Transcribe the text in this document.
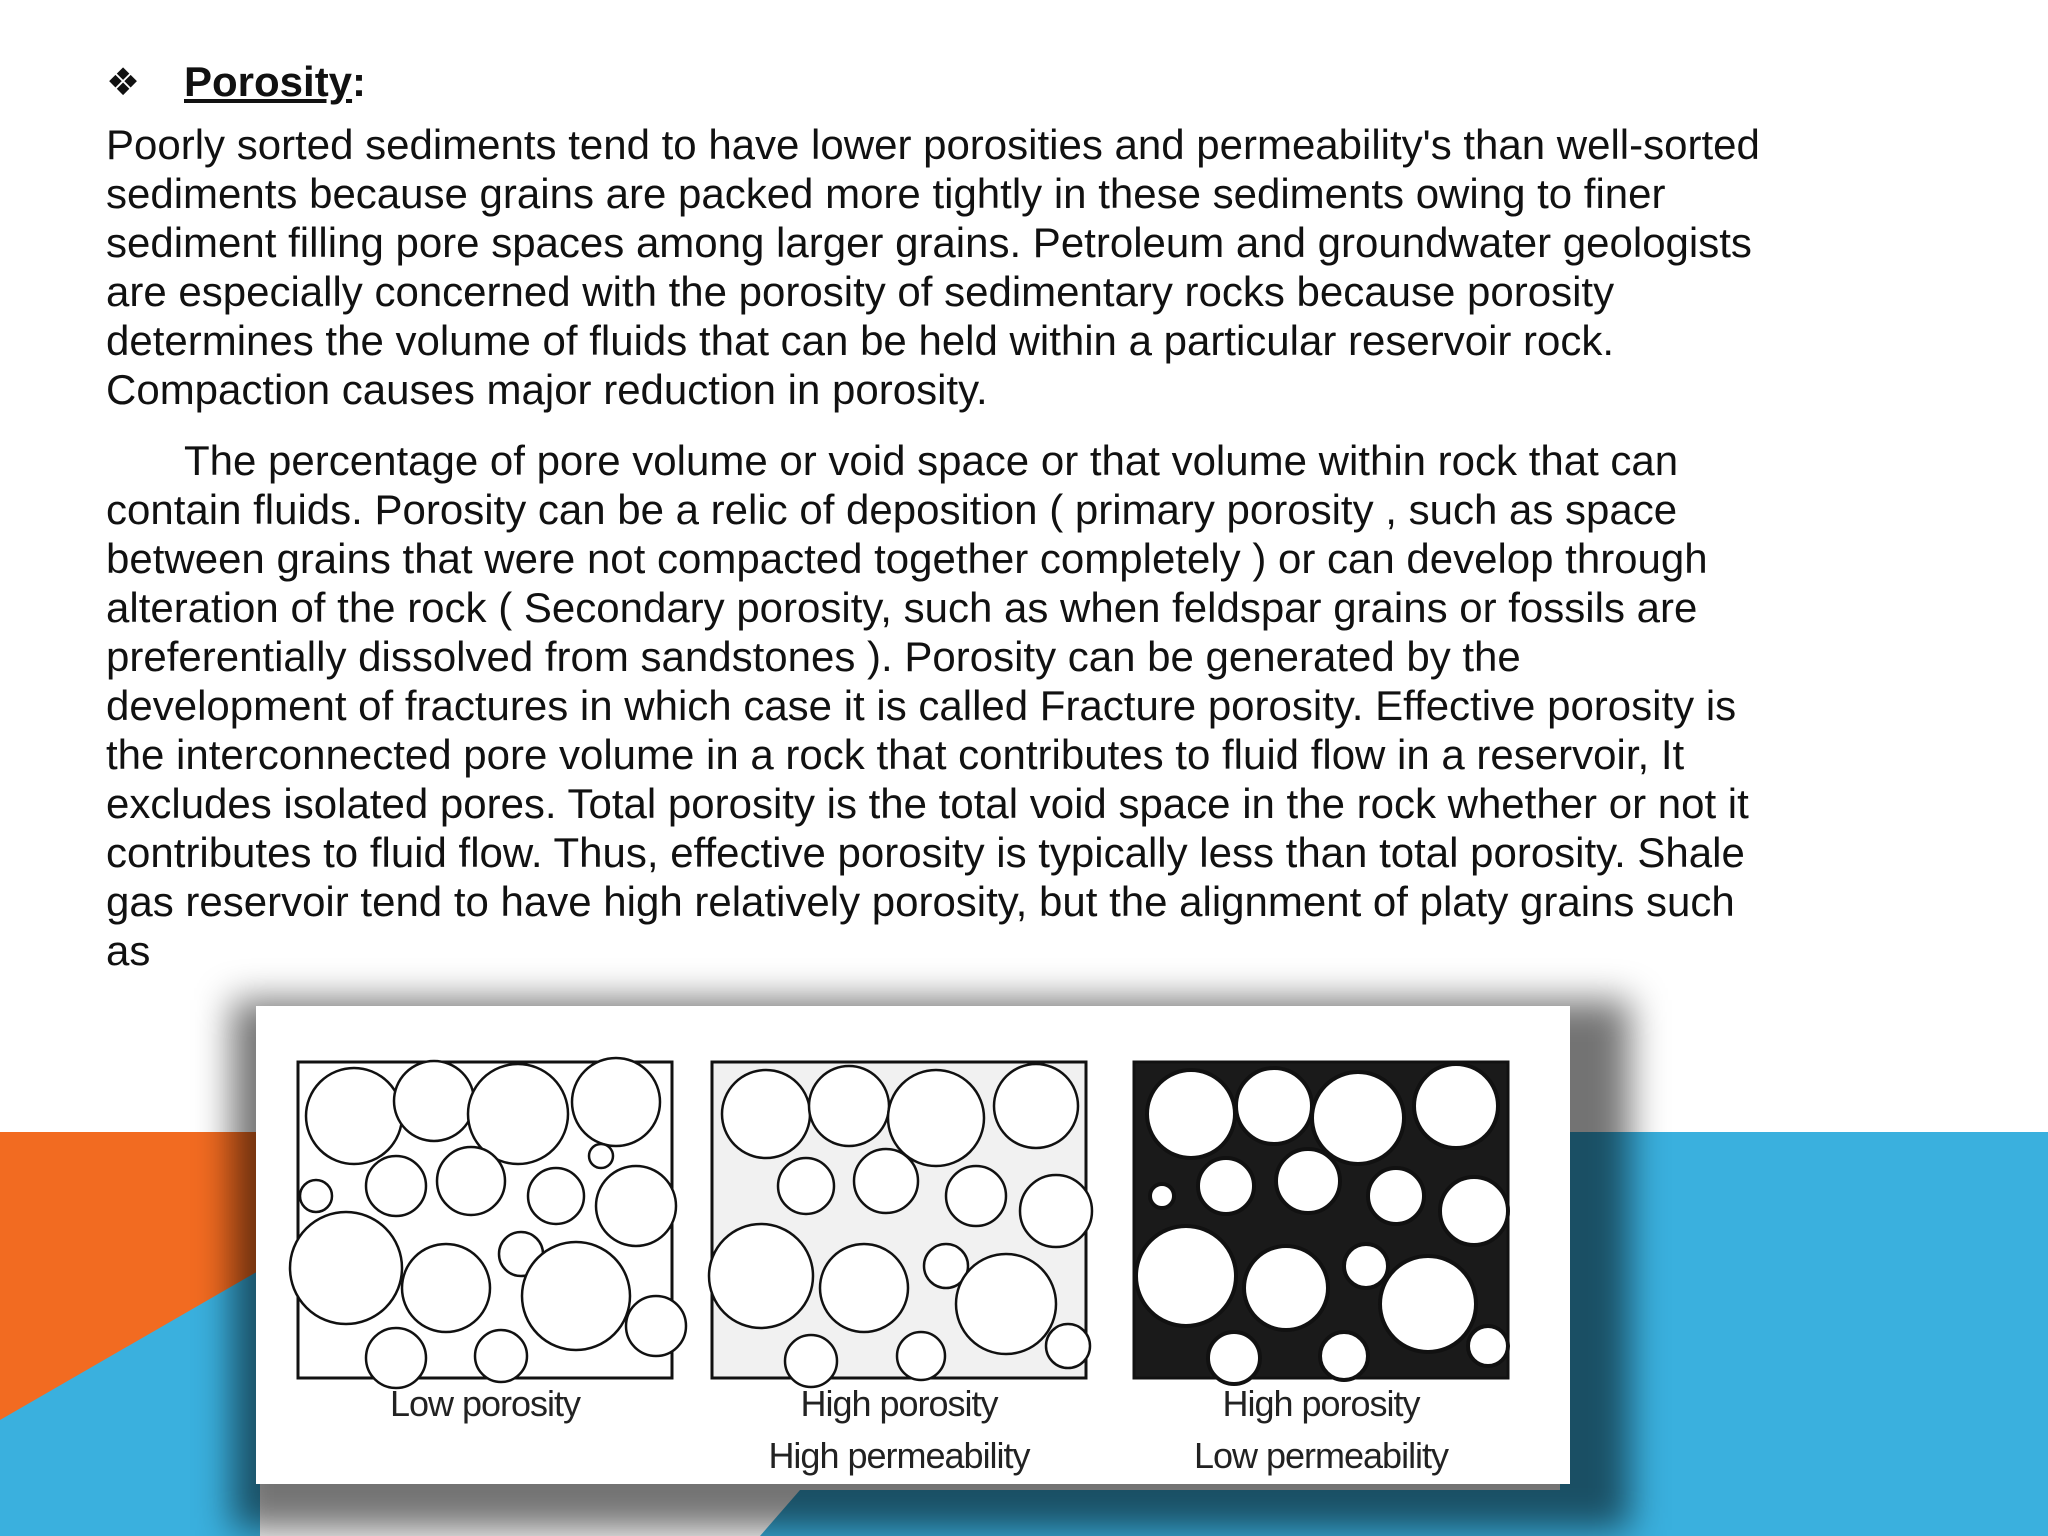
❖	Porosity :

Poorly sorted sediments tend to have lower porosities and permeability's than well-sorted sediments because grains are packed more tightly in these sediments owing to finer sediment filling pore spaces among larger grains. Petroleum and groundwater geologists are especially concerned with the porosity of sedimentary rocks because porosity determines the volume of fluids that can be held within a particular reservoir rock. Compaction causes major reduction in porosity.

The percentage of pore volume or void space or that volume within rock that can    contain fluids. Porosity can be a relic of deposition ( primary porosity , such as space between grains that were not compacted together completely ) or can develop through alteration of the rock ( Secondary porosity, such as when feldspar grains or fossils are preferentially dissolved from sandstones ). Porosity can be generated by the development of fractures in which case it is called Fracture porosity. Effective porosity is the interconnected pore volume in a rock that contributes to fluid flow in a reservoir, It excludes isolated pores. Total porosity is the total void space in the rock whether or not it contributes to fluid flow. Thus, effective porosity is typically less than total porosity. Shale gas reservoir tend to have high relatively porosity, but the alignment of platy grains such as

Low porosity	High porosity
High permeability
High porosity
Low permeability
